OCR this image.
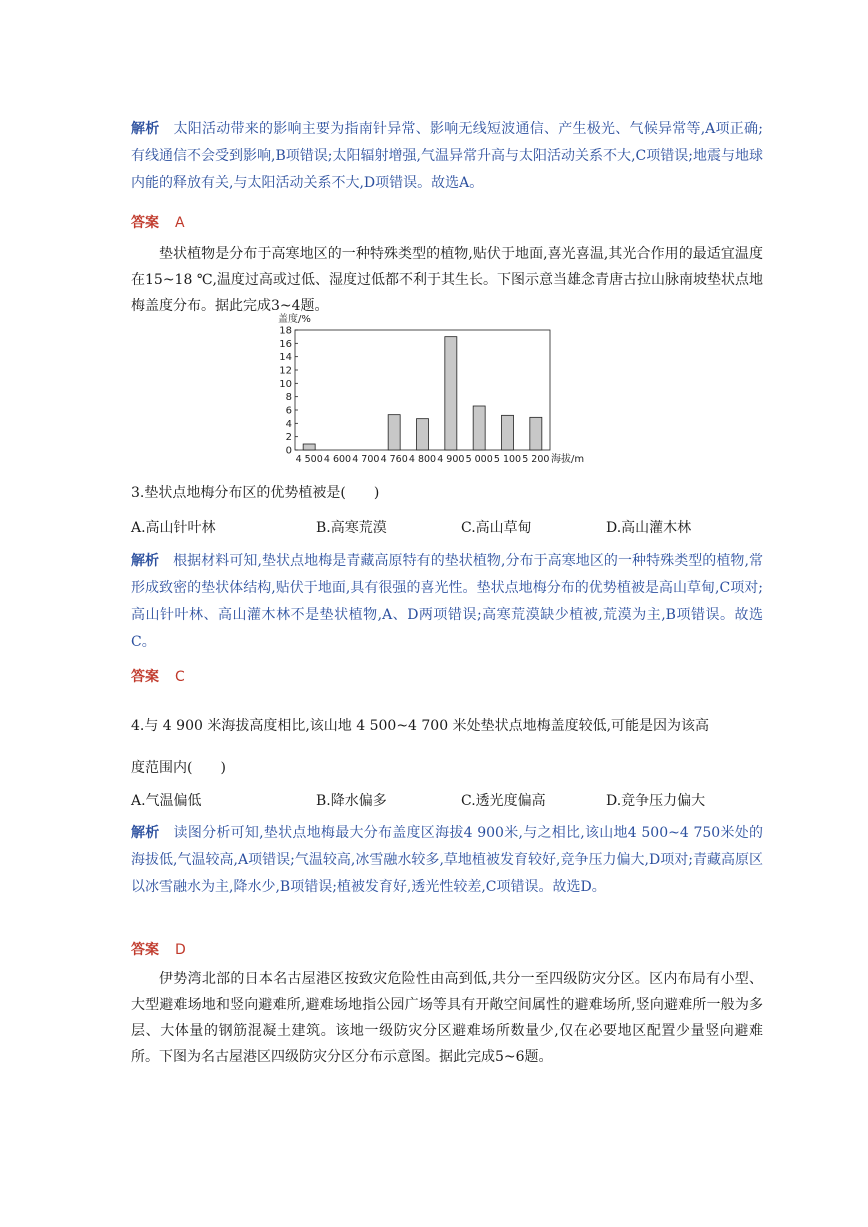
解析 太阳活动带来的影响主要为指南针异常、影响无线短波通信、产生极光、气候异常等,A项正确;有线通信不会受到影响,B项错误;太阳辐射增强,气温异常升高与太阳活动关系不大,C项错误;地震与地球内能的释放有关,与太阳活动关系不大,D项错误。故选A。
答案 A
垫状植物是分布于高寒地区的一种特殊类型的植物,贴伏于地面,喜光喜温,其光合作用的最适宜温度在15~18 ℃,温度过高或过低、湿度过低都不利于其生长。下图示意当雄念青唐古拉山脉南坡垫状点地梅盖度分布。据此完成3~4题。
盖度/%
0
2
4
6
8
10
12
14
16
18
4 500 4 600 4 700 4 760 4 800 4 900 5 000 5 100 5 200 海拔/m
3.垫状点地梅分布区的优势植被是(　　)
A.高山针叶林	B.高寒荒漠	C.高山草甸	D.高山灌木林
解析 根据材料可知,垫状点地梅是青藏高原特有的垫状植物,分布于高寒地区的一种特殊类型的植物,常形成致密的垫状体结构,贴伏于地面,具有很强的喜光性。垫状点地梅分布的优势植被是高山草甸,C项对;高山针叶林、高山灌木林不是垫状植物,A、D两项错误;高寒荒漠缺少植被,荒漠为主,B项错误。故选C。
答案 C
4.与 4 900 米海拔高度相比,该山地 4 500~4 700 米处垫状点地梅盖度较低,可能是因为该高
度范围内(　　)
A.气温偏低	B.降水偏多	C.透光度偏高	D.竞争压力偏大
解析 读图分析可知,垫状点地梅最大分布盖度区海拔4 900米,与之相比,该山地4 500~4 750米处的海拔低,气温较高,A项错误;气温较高,冰雪融水较多,草地植被发育较好,竞争压力偏大,D项对;青藏高原区以冰雪融水为主,降水少,B项错误;植被发育好,透光性较差,C项错误。故选D。
答案 D
伊势湾北部的日本名古屋港区按致灾危险性由高到低,共分一至四级防灾分区。区内布局有小型、大型避难场地和竖向避难所,避难场地指公园广场等具有开敞空间属性的避难场所,竖向避难所一般为多层、大体量的钢筋混凝土建筑。该地一级防灾分区避难场所数量少,仅在必要地区配置少量竖向避难所。下图为名古屋港区四级防灾分区分布示意图。据此完成5~6题。
